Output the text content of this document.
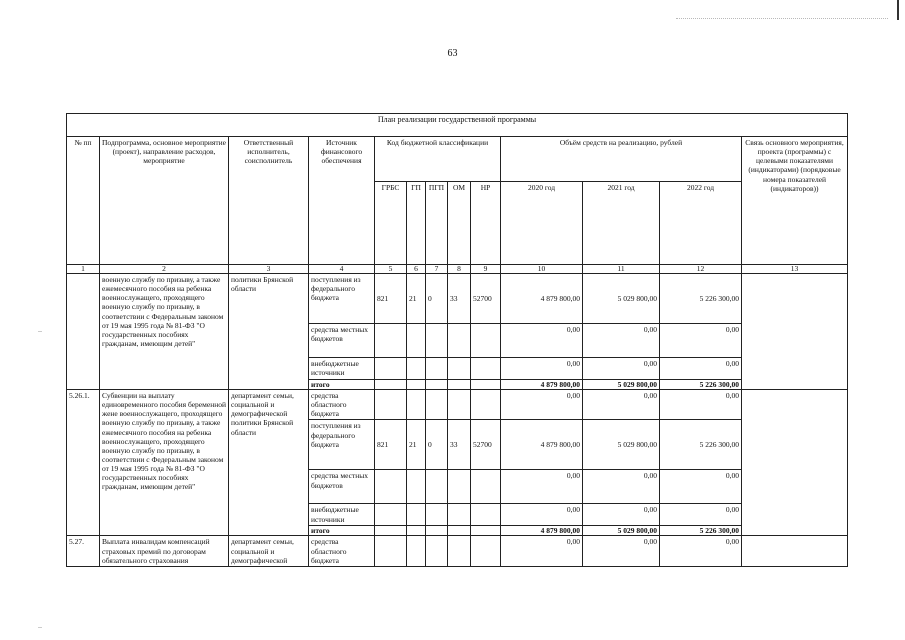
63
План реализации государственной программы												
№ пп	Подпрограмма, основное мероприятие (проект), направление расходов, мероприятие	Ответственный исполнитель, соисполнитель	Источник финансового обеспечения	Код бюджетной классификации					Объём средств на реализацию, рублей			Связь основного мероприятия, проекта (программы) с целевыми показателями (индикаторами) (порядковые номера показателей (индикаторов))
				ГРБС	ГП	ПГП	ОМ	НР	2020 год	2021 год	2022 год	
1	2	3	4	5	6	7	8	9	10	11	12	13
	военную службу по призыву, а также ежемесячного пособия на ребенка военнослужащего, проходящего военную службу по призыву, в соответствии с Федеральным законом от 19 мая 1995 года № 81-ФЗ "О государственных пособиях гражданам, имеющим детей"	политики Брянской области	поступления из федерального бюджета	821	21	0	33	52700	4 879 800,00	5 029 800,00	5 226 300,00	
			средства местных бюджетов						0,00	0,00	0,00	
			внебюджетные источники						0,00	0,00	0,00	
			итого						4 879 800,00	5 029 800,00	5 226 300,00	
5.26.1.	Субвенции на выплату единовременного пособия беременной жене военнослужащего, проходящего военную службу по призыву, а также ежемесячного пособия на ребенка военнослужащего, проходящего военную службу по призыву, в соответствии с Федеральным законом от 19 мая 1995 года № 81-ФЗ "О государственных пособиях гражданам, имеющим детей"	департамент семьи, социальной и демографической политики Брянской области	средства областного бюджета						0,00	0,00	0,00	
			поступления из федерального бюджета	821	21	0	33	52700	4 879 800,00	5 029 800,00	5 226 300,00	
			средства местных бюджетов						0,00	0,00	0,00	
			внебюджетные источники						0,00	0,00	0,00	
			итого						4 879 800,00	5 029 800,00	5 226 300,00	
5.27.	Выплата инвалидам компенсаций страховых премий по договорам обязательного страхования	департамент семьи, социальной и демографической	средства областного бюджета						0,00	0,00	0,00	
